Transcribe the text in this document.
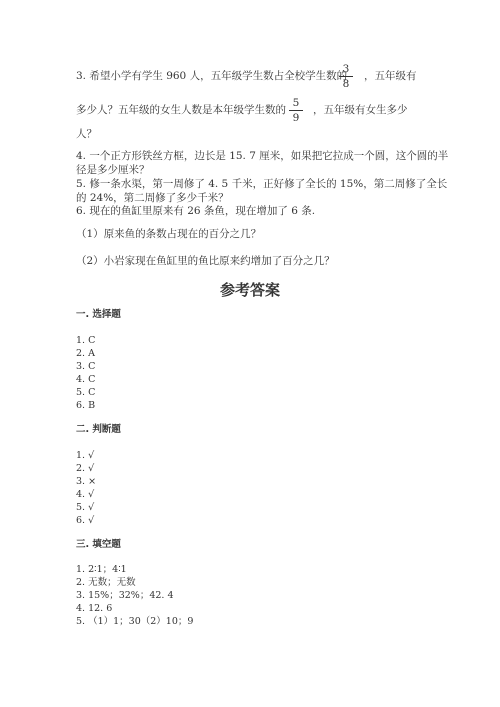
3. 希望小学有学生 960 人，五年级学生数占全校学生数的
3
8
，五年级有
多少人？五年级的女生人数是本年级学生数的
5
9
，五年级有女生多少
人？
4. 一个正方形铁丝方框，边长是 15. 7 厘米，如果把它拉成一个圆，这个圆的半
径是多少厘米？
5. 修一条水渠，第一周修了 4. 5 千米，正好修了全长的 15%，第二周修了全长
的 24%，第二周修了多少千米？
6. 现在的鱼缸里原来有 26 条鱼，现在增加了 6 条.
（1）原来鱼的条数占现在的百分之几？
（2）小岩家现在鱼缸里的鱼比原来约增加了百分之几？
参考答案
一. 选择题
1. C
2. A
3. C
4. C
5. C
6. B
二. 判断题
1. √
2. √
3. ×
4. √
5. √
6. √
三. 填空题
1. 2∶1；4∶1
2. 无数；无数
3. 15%；32%；42. 4
4. 12. 6
5. （1）1；30（2）10；9
